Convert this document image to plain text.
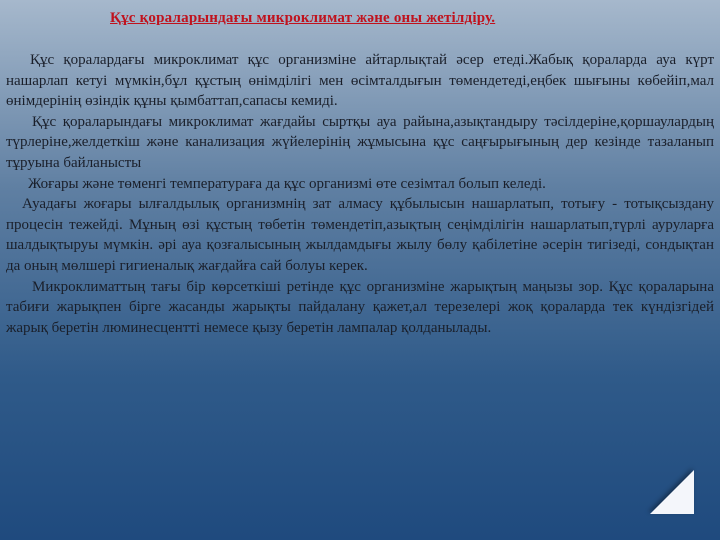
Құс қораларындағы микроклимат және оны жетілдіру.

Құс қоралардағы микроклимат құс организміне айтарлықтай әсер етеді.Жабық қораларда ауа күрт нашарлап кетуі мүмкін,бұл құстың өнімділігі мен өсімталдығын төмендетеді,еңбек шығыны көбейіп,мал өнімдерінің өзіндік құны қымбаттап,сапасы кемиді.

Құс қораларындағы микроклимат жағдайы сыртқы ауа райына,азықтандыру тәсілдеріне,қоршаулардың түрлеріне,желдеткіш және канализация жүйелерінің жұмысына құс саңғырығының дер кезінде тазаланып тұруына байланысты

Жоғары және төменгі температураға да құс организмі өте сезімтал болып келеді.

Ауадағы жоғары ылғалдылық организмнің зат алмасу құбылысын нашарлатып, тотығу - тотықсыздану процесін тежейді. Мұның өзі құстың төбетін төмендетіп,азықтың сеңімділігін нашарлатып,түрлі ауруларға шалдықтыруы мүмкін. әрі ауа қозғалысының жылдамдығы жылу бөлу қабілетіне әсерін тигізеді, сондықтан да оның мөлшері гигиеналық жағдайға сай болуы керек.

Микроклиматтың тағы бір көрсеткіші ретінде құс организміне жарықтың маңызы зор. Құс қораларына табиғи жарықпен бірге жасанды жарықты пайдалану қажет,ал терезелері жоқ қораларда тек күндізгідей жарық беретін люминесцентті немесе қызу беретін лампалар қолданылады.
